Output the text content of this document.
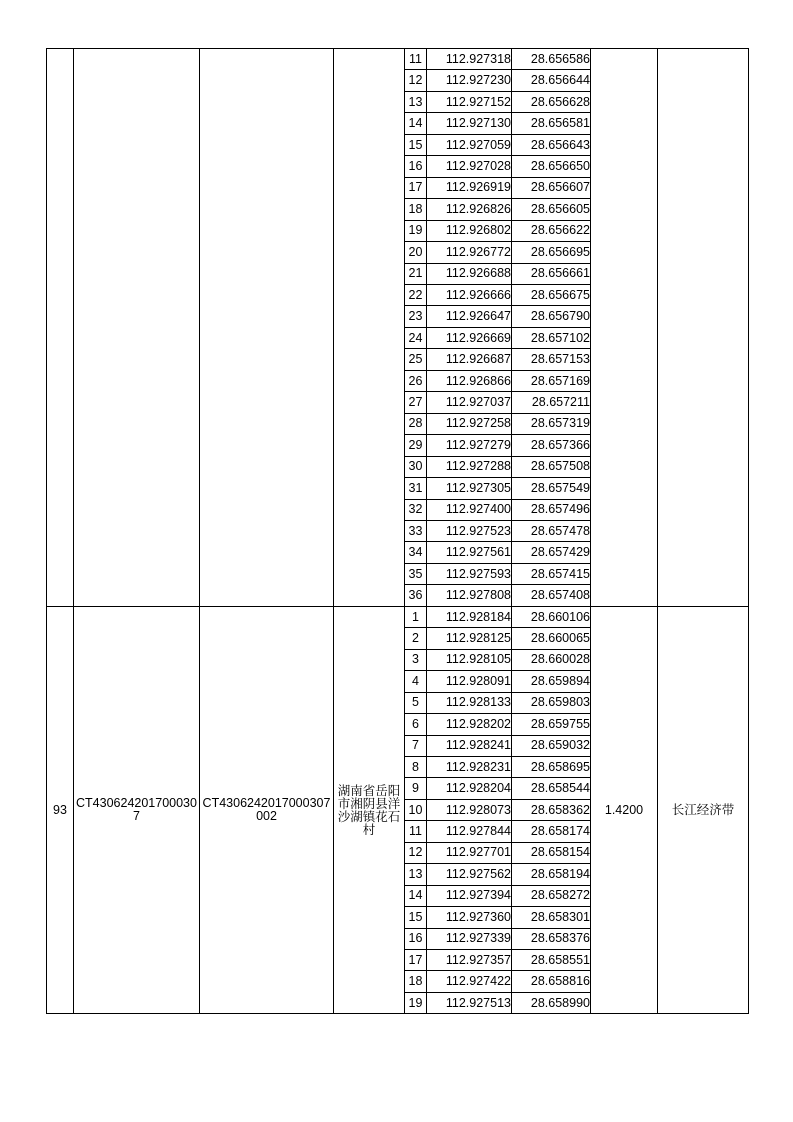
				11	112.927318	28.656586		
				12	112.927230	28.656644		
				13	112.927152	28.656628		
				14	112.927130	28.656581		
				15	112.927059	28.656643		
				16	112.927028	28.656650		
				17	112.926919	28.656607		
				18	112.926826	28.656605		
				19	112.926802	28.656622		
				20	112.926772	28.656695		
				21	112.926688	28.656661		
				22	112.926666	28.656675		
				23	112.926647	28.656790		
				24	112.926669	28.657102		
				25	112.926687	28.657153		
				26	112.926866	28.657169		
				27	112.927037	28.657211		
				28	112.927258	28.657319		
				29	112.927279	28.657366		
				30	112.927288	28.657508		
				31	112.927305	28.657549		
				32	112.927400	28.657496		
				33	112.927523	28.657478		
				34	112.927561	28.657429		
				35	112.927593	28.657415		
				36	112.927808	28.657408		
93	CT4306242017000307	CT4306242017000307002	湖南省岳阳市湘阴县洋沙湖镇花石村	1	112.928184	28.660106	1.4200	长江经济带
				2	112.928125	28.660065		
				3	112.928105	28.660028		
				4	112.928091	28.659894		
				5	112.928133	28.659803		
				6	112.928202	28.659755		
				7	112.928241	28.659032		
				8	112.928231	28.658695		
				9	112.928204	28.658544		
				10	112.928073	28.658362		
				11	112.927844	28.658174		
				12	112.927701	28.658154		
				13	112.927562	28.658194		
				14	112.927394	28.658272		
				15	112.927360	28.658301		
				16	112.927339	28.658376		
				17	112.927357	28.658551		
				18	112.927422	28.658816		
				19	112.927513	28.658990		
